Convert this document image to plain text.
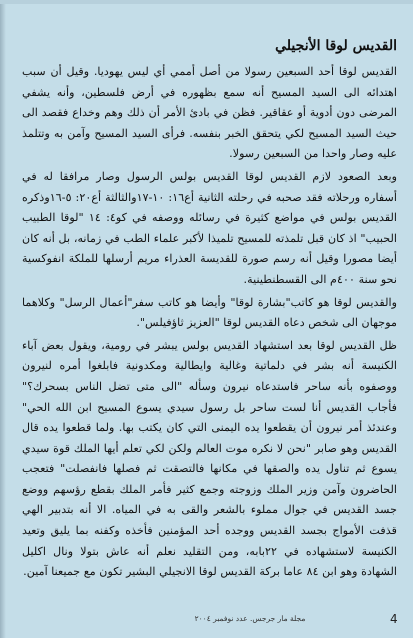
القديس لوقا الأنجيلي

القديس لوقا أحد السبعين رسولا من أصل أممي أي ليس يهوديا. وقيل أن سبب اهتدائه الى السيد المسيح أنه سمع بظهوره في أرض فلسطين، وأنه يشفي المرضى دون أدوية أو عقاقير. فظن في بادئ الأمر أن ذلك وهم وخداع فقصد الى حيث السيد المسيح لكي يتحقق الخبر بنفسه. فرأى السيد المسيح وآمن به وتتلمذ عليه وصار واحدا من السبعين رسولا.

وبعد الصعود لازم القديس لوقا القديس بولس الرسول وصار مرافقا له في أسفاره ورحلاته فقد صحبه في رحلته الثانية أع١٦: ١٠-١٧والثالثة أع٢٠: ٥-١٦وذكره القديس بولس في مواضع كثيرة في رسائله ووصفه في كو٤: ١٤ "لوقا الطبيب الحبيب" اذ كان قبل تلمذته للمسيح تلميذا لأكبر علماء الطب في زمانه، بل أنه كان أيضا مصورا وقيل أنه رسم صورة للقديسة العذراء مريم أرسلها للملكة انفوكسية نحو سنة ٤٠٠م الى القسطنطينية.

والقديس لوقا هو كاتب"بشارة لوقا" وأيضا هو كاتب سفر"أعمال الرسل" وكلاهما موجهان الى شخص دعاه القديس لوقا "العزيز ثاؤفيلس".

ظل القديس لوقا بعد استشهاد القديس بولس يبشر في رومية، ويقول بعض آباء الكنيسة أنه بشر في دلماتية وغالية وايطالية ومكدونية فابلغوا أمره لنيرون ووصفوه بأنه ساحر فاستدعاه نيرون وسأله "الى متى تضل الناس بسحرك؟" فأجاب القديس أنا لست ساحر بل رسول سيدي يسوع المسيح ابن الله الحي" وعندئذ أمر نيرون أن يقطعوا يده اليمنى التي كان يكتب بها. ولما قطعوا يده قال القديس وهو صابر "نحن لا نكره موت العالم ولكن لكي تعلم أيها الملك قوة سيدي يسوع ثم تناول يده والصقها في مكانها فالتصقت ثم فصلها فانفصلت" فتعجب الحاضرون وآمن وزير الملك وزوجته وجمع كثير فأمر الملك بقطع رؤسهم ووضع جسد القديس في جوال مملوء بالشعر والقى به في المياه. الا أنه بتدبير الهي قذفت الأمواج بجسد القديس ووجده أحد المؤمنين فأخذه وكفنه بما يليق وتعيد الكنيسة لاستشهاده في ٢٢بابه، ومن التقليد نعلم أنه عاش بتولا ونال اكليل الشهادة وهو ابن ٨٤ عاما بركة القديس لوقا الانجيلي البشير تكون مع جميعنا آمين.

مجلة مار جرجس. عدد نوفمبر ٢٠٠٤	4
